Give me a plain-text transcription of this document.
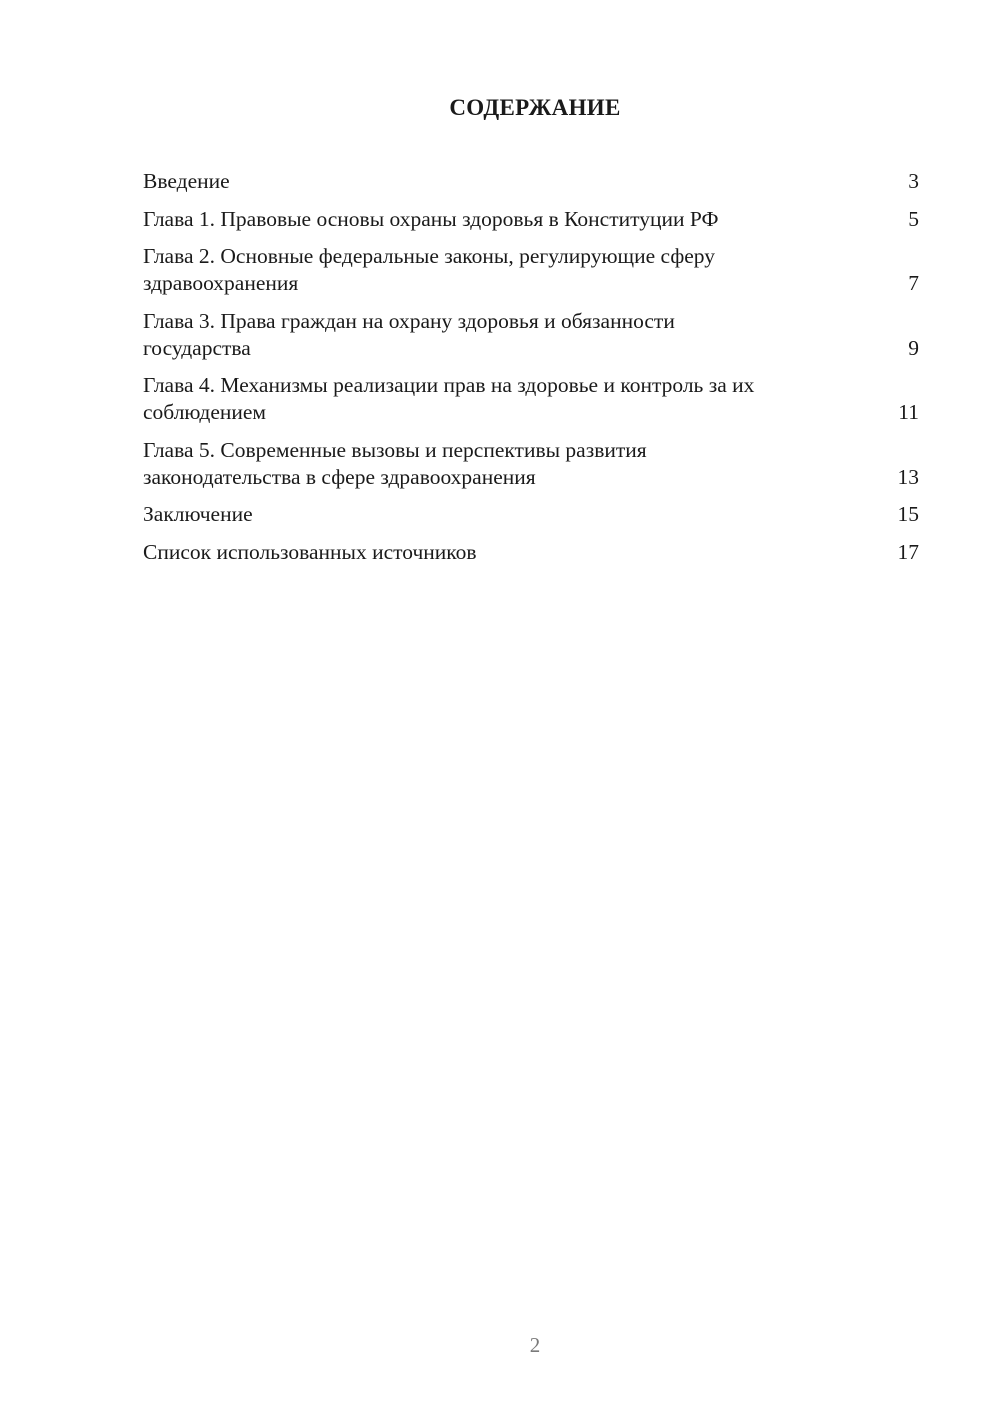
СОДЕРЖАНИЕ
Введение	3
Глава 1. Правовые основы охраны здоровья в Конституции РФ	5
Глава 2. Основные федеральные законы, регулирующие сферу здравоохранения	7
Глава 3. Права граждан на охрану здоровья и обязанности государства	9
Глава 4. Механизмы реализации прав на здоровье и контроль за их соблюдением	11
Глава 5. Современные вызовы и перспективы развития законодательства в сфере здравоохранения	13
Заключение	15
Список использованных источников	17
2
